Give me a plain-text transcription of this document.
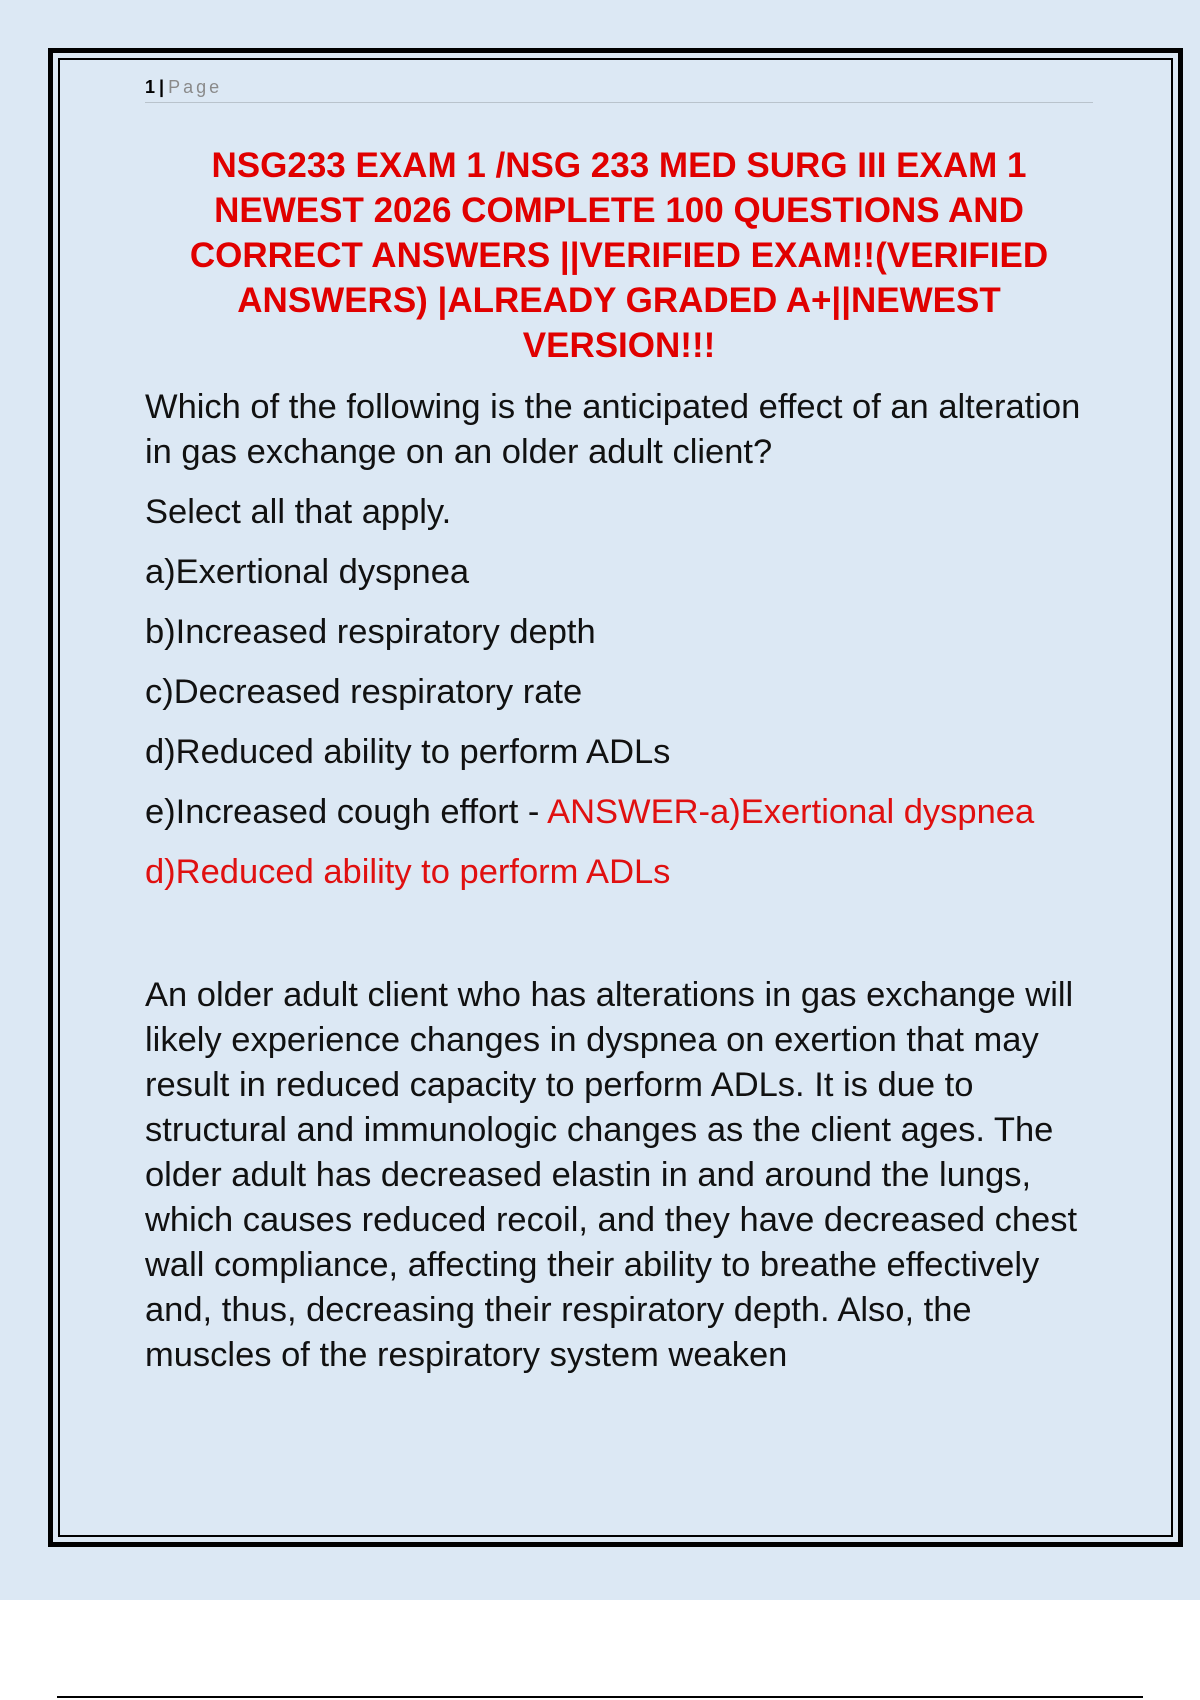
1 | Page
NSG233 EXAM 1 /NSG 233 MED SURG III EXAM 1 NEWEST 2026 COMPLETE 100 QUESTIONS AND CORRECT ANSWERS ||VERIFIED EXAM!!(VERIFIED ANSWERS) |ALREADY GRADED A+||NEWEST VERSION!!!

Which of the following is the anticipated effect of an alteration in gas exchange on an older adult client?

Select all that apply.

a)Exertional dyspnea

b)Increased respiratory depth

c)Decreased respiratory rate

d)Reduced ability to perform ADLs

e)Increased cough effort - ANSWER-a)Exertional dyspnea

d)Reduced ability to perform ADLs

An older adult client who has alterations in gas exchange will likely experience changes in dyspnea on exertion that may result in reduced capacity to perform ADLs. It is due to structural and immunologic changes as the client ages. The older adult has decreased elastin in and around the lungs, which causes reduced recoil, and they have decreased chest wall compliance, affecting their ability to breathe effectively and, thus, decreasing their respiratory depth. Also, the muscles of the respiratory system weaken
